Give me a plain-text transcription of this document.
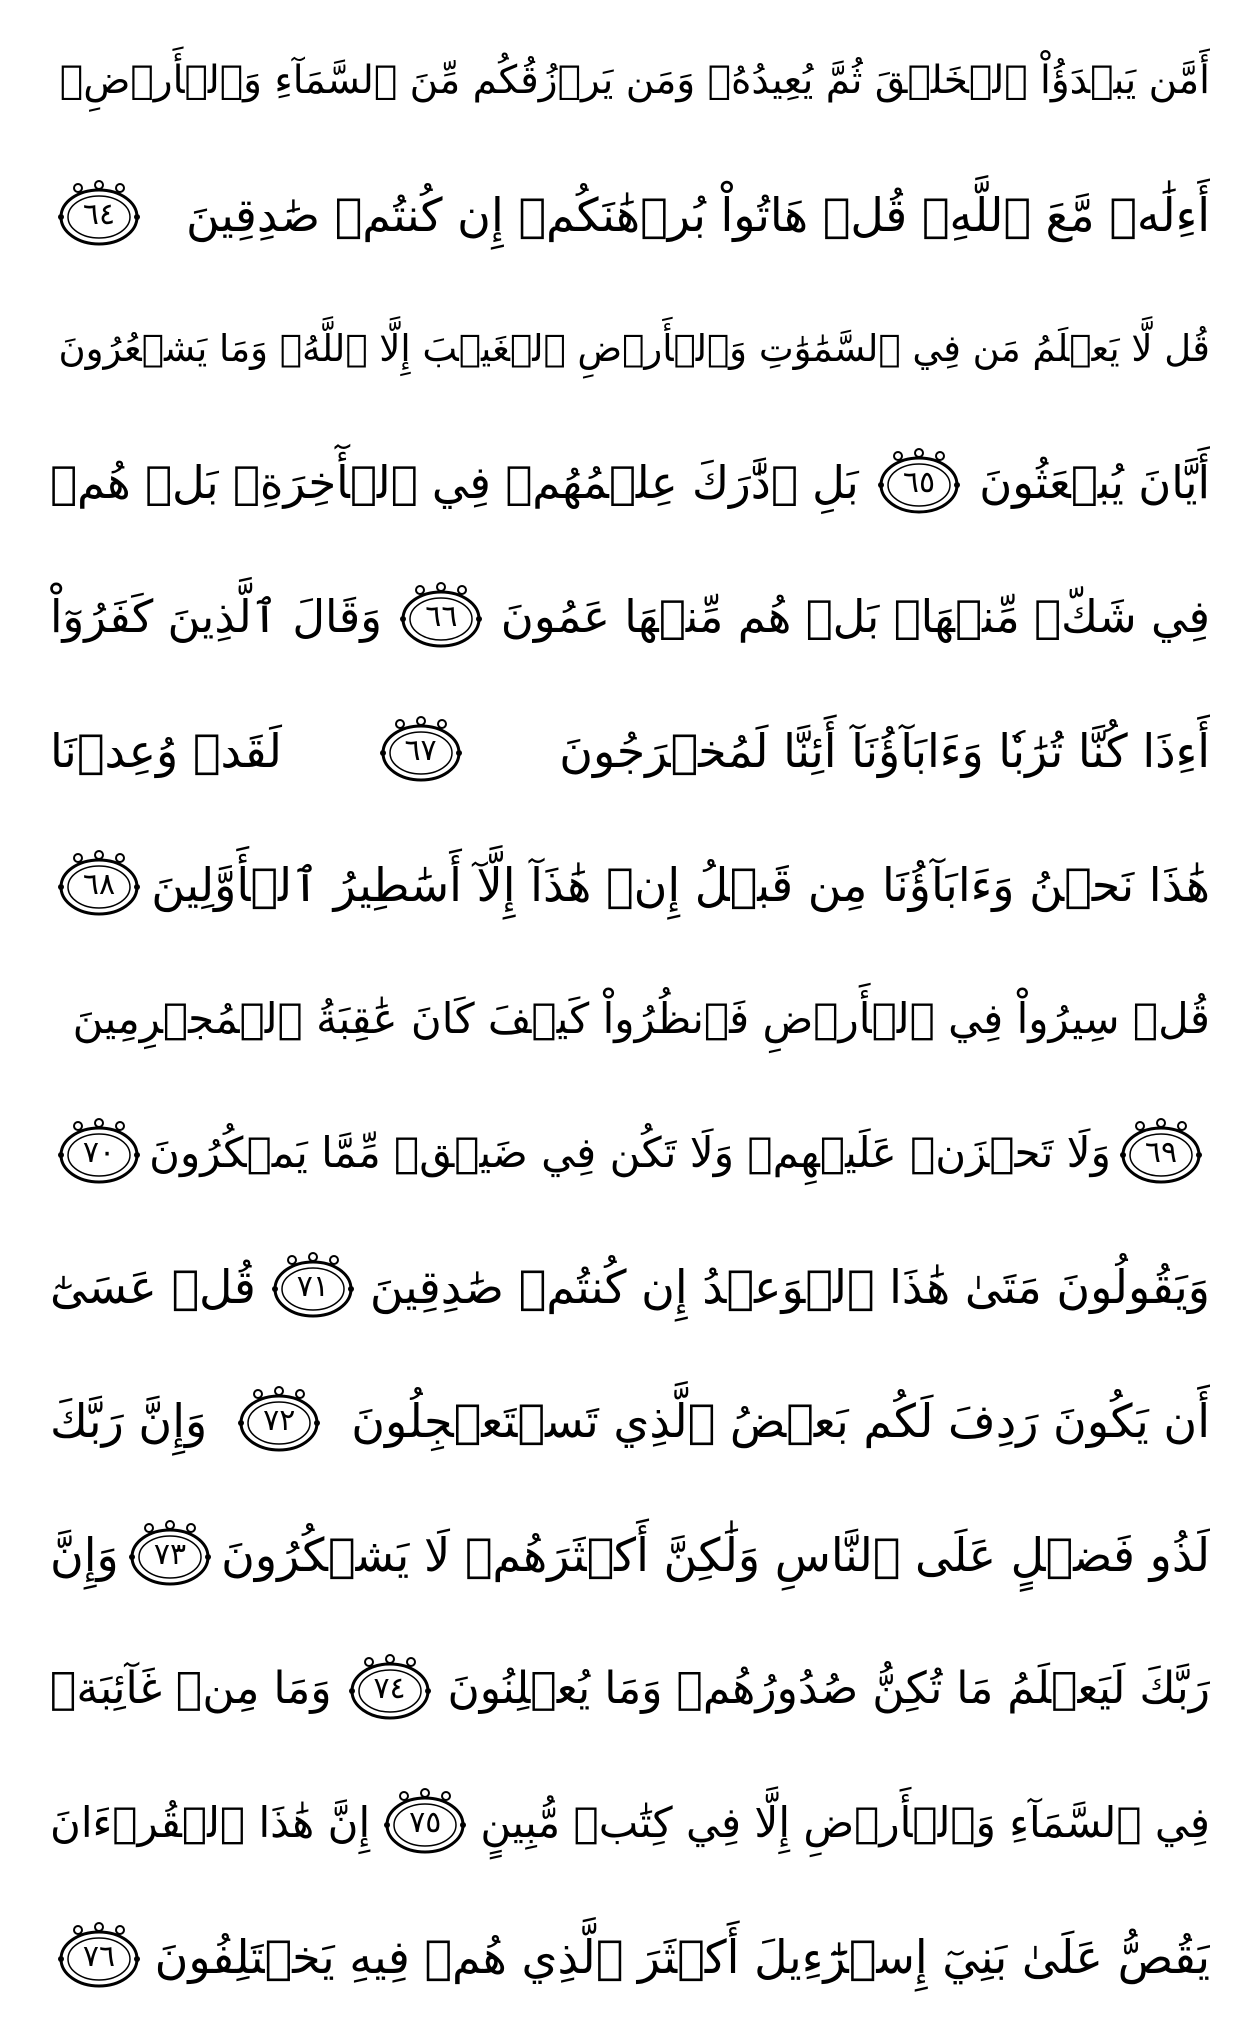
أَمَّن يَبۡدَؤُاْ ٱلۡخَلۡقَ ثُمَّ يُعِيدُهُۥ وَمَن يَرۡزُقُكُم مِّنَ ٱلسَّمَآءِ وَٱلۡأَرۡضِۗ
أَءِلَٰهٞ مَّعَ ٱللَّهِۚ قُلۡ هَاتُواْ بُرۡهَٰنَكُمۡ إِن كُنتُمۡ صَٰدِقِينَ
٦٤
قُل لَّا يَعۡلَمُ مَن فِي ٱلسَّمَٰوَٰتِ وَٱلۡأَرۡضِ ٱلۡغَيۡبَ إِلَّا ٱللَّهُۚ وَمَا يَشۡعُرُونَ
أَيَّانَ يُبۡعَثُونَ
٦٥
بَلِ ٱدَّٰرَكَ عِلۡمُهُمۡ فِي ٱلۡأٓخِرَةِۚ بَلۡ هُمۡ
فِي شَكّٖ مِّنۡهَاۖ بَلۡ هُم مِّنۡهَا عَمُونَ
٦٦
وَقَالَ ٱلَّذِينَ كَفَرُوٓاْ
أَءِذَا كُنَّا تُرَٰبٗا وَءَابَآؤُنَآ أَئِنَّا لَمُخۡرَجُونَ
٦٧
لَقَدۡ وُعِدۡنَا
هَٰذَا نَحۡنُ وَءَابَآؤُنَا مِن قَبۡلُ إِنۡ هَٰذَآ إِلَّآ أَسَٰطِيرُ ٱلۡأَوَّلِينَ
٦٨
قُلۡ سِيرُواْ فِي ٱلۡأَرۡضِ فَٱنظُرُواْ كَيۡفَ كَانَ عَٰقِبَةُ ٱلۡمُجۡرِمِينَ
٦٩
وَلَا تَحۡزَنۡ عَلَيۡهِمۡ وَلَا تَكُن فِي ضَيۡقٖ مِّمَّا يَمۡكُرُونَ
٧٠
وَيَقُولُونَ مَتَىٰ هَٰذَا ٱلۡوَعۡدُ إِن كُنتُمۡ صَٰدِقِينَ
٧١
قُلۡ عَسَىٰٓ
أَن يَكُونَ رَدِفَ لَكُم بَعۡضُ ٱلَّذِي تَسۡتَعۡجِلُونَ
٧٢
وَإِنَّ رَبَّكَ
لَذُو فَضۡلٍ عَلَى ٱلنَّاسِ وَلَٰكِنَّ أَكۡثَرَهُمۡ لَا يَشۡكُرُونَ
٧٣
وَإِنَّ
رَبَّكَ لَيَعۡلَمُ مَا تُكِنُّ صُدُورُهُمۡ وَمَا يُعۡلِنُونَ
٧٤
وَمَا مِنۡ غَآئِبَةٖ
فِي ٱلسَّمَآءِ وَٱلۡأَرۡضِ إِلَّا فِي كِتَٰبٖ مُّبِينٍ
٧٥
إِنَّ هَٰذَا ٱلۡقُرۡءَانَ
يَقُصُّ عَلَىٰ بَنِيٓ إِسۡرَٰٓءِيلَ أَكۡثَرَ ٱلَّذِي هُمۡ فِيهِ يَخۡتَلِفُونَ
٧٦
